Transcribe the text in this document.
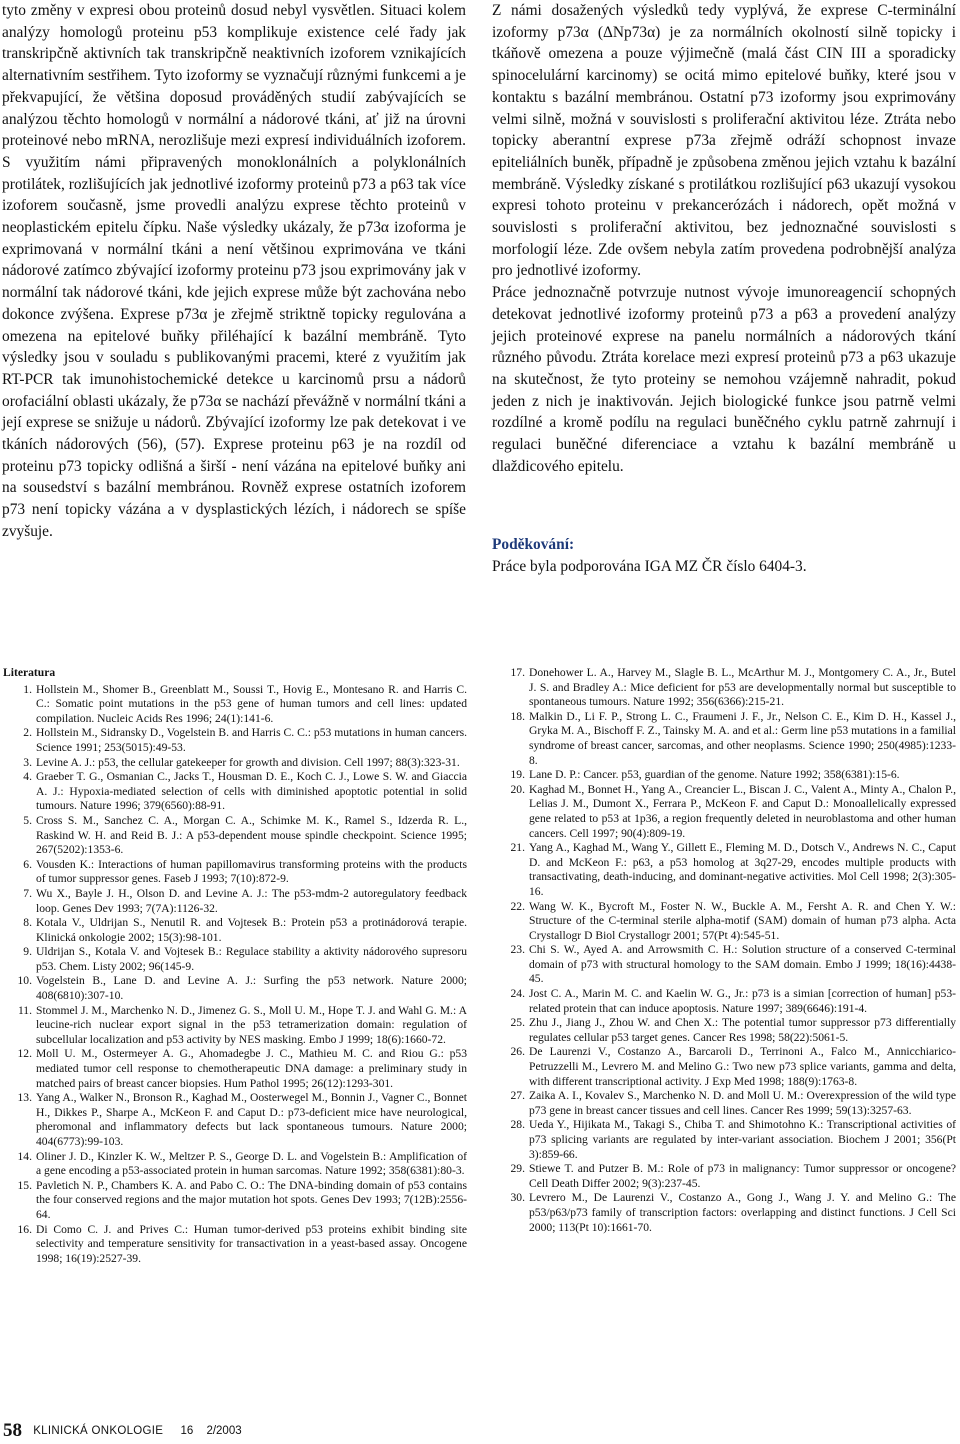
tyto změny v expresi obou proteinů dosud nebyl vysvětlen. Situaci kolem analýzy homologů proteinu p53 komplikuje existence celé řady jak transkripčně aktivních tak transkripčně neaktivních izoforem vznikajících alternativním sestřihem. Tyto izoformy se vyznačují různými funkcemi a je překvapující, že většina doposud prováděných studií zabývajících se analýzou těchto homologů v normální a nádorové tkáni, ať již na úrovni proteinové nebo mRNA, nerozlišuje mezi expresí individuálních izoforem. S využitím námi připravených monoklonálních a polyklonálních protilátek, rozlišujících jak jednotlivé izoformy proteinů p73 a p63 tak více izoforem současně, jsme provedli analýzu exprese těchto proteinů v neoplastickém epitelu čípku. Naše výsledky ukázaly, že p73α izoforma je exprimovaná v normální tkáni a není většinou exprimována ve tkáni nádorové zatímco zbývající izoformy proteinu p73 jsou exprimovány jak v normální tak nádorové tkáni, kde jejich exprese může být zachována nebo dokonce zvýšena. Exprese p73α je zřejmě striktně topicky regulována a omezena na epitelové buňky přiléhající k bazální membráně. Tyto výsledky jsou v souladu s publikovanými pracemi, které z využitím jak RT-PCR tak imunohistochemické detekce u karcinomů prsu a nádorů orofaciální oblasti ukázaly, že p73α se nachází převážně v normální tkáni a její exprese se snižuje u nádorů. Zbývající izoformy lze pak detekovat i ve tkáních nádorových (56), (57). Exprese proteinu p63 je na rozdíl od proteinu p73 topicky odlišná a širší - není vázána na epitelové buňky ani na sousedství s bazální membránou. Rovněž exprese ostatních izoforem p73 není topicky vázána a v dysplastických lézích, i nádorech se spíše zvyšuje.

Z námi dosažených výsledků tedy vyplývá, že exprese C-terminální izoformy p73α (ΔNp73α) je za normálních okolností silně topicky i tkáňově omezena a pouze výjimečně (malá část CIN III a sporadicky spinocelulární karcinomy) se ocitá mimo epitelové buňky, které jsou v kontaktu s bazální membránou. Ostatní p73 izoformy jsou exprimovány velmi silně, možná v souvislosti s proliferační aktivitou léze. Ztráta nebo topicky aberantní exprese p73a zřejmě odráží schopnost invaze epiteliálních buněk, případně je způsobena změnou jejich vztahu k bazální membráně. Výsledky získané s protilátkou rozlišující p63 ukazují vysokou expresi tohoto proteinu v prekancerózách i nádorech, opět možná v souvislosti s proliferační aktivitou, bez jednoznačné souvislosti s morfologií léze. Zde ovšem nebyla zatím provedena podrobnější analýza pro jednotlivé izoformy.

Práce jednoznačně potvrzuje nutnost vývoje imunoreagencií schopných detekovat jednotlivé izoformy proteinů p73 a p63 a provedení analýzy jejich proteinové exprese na panelu normálních a nádorových tkání různého původu. Ztráta korelace mezi expresí proteinů p73 a p63 ukazuje na skutečnost, že tyto proteiny se nemohou vzájemně nahradit, pokud jeden z nich je inaktivován. Jejich biologické funkce jsou patrně velmi rozdílné a kromě podílu na regulaci buněčného cyklu patrně zahrnují i regulaci buněčné diferenciace a vztahu k bazální membráně u dlaždicového epitelu.

Poděkování:
Práce byla podporována IGA MZ ČR číslo 6404-3.
Literatura
1. Hollstein M., Shomer B., Greenblatt M., Soussi T., Hovig E., Montesano R. and Harris C. C.: Somatic point mutations in the p53 gene of human tumors and cell lines: updated compilation. Nucleic Acids Res 1996; 24(1):141-6.
2. Hollstein M., Sidransky D., Vogelstein B. and Harris C. C.: p53 mutations in human cancers. Science 1991; 253(5015):49-53.
3. Levine A. J.: p53, the cellular gatekeeper for growth and division. Cell 1997; 88(3):323-31.
4. Graeber T. G., Osmanian C., Jacks T., Housman D. E., Koch C. J., Lowe S. W. and Giaccia A. J.: Hypoxia-mediated selection of cells with diminished apoptotic potential in solid tumours. Nature 1996; 379(6560):88-91.
5. Cross S. M., Sanchez C. A., Morgan C. A., Schimke M. K., Ramel S., Idzerda R. L., Raskind W. H. and Reid B. J.: A p53-dependent mouse spindle checkpoint. Science 1995; 267(5202):1353-6.
6. Vousden K.: Interactions of human papillomavirus transforming proteins with the products of tumor suppressor genes. Faseb J 1993; 7(10):872-9.
7. Wu X., Bayle J. H., Olson D. and Levine A. J.: The p53-mdm-2 autoregulatory feedback loop. Genes Dev 1993; 7(7A):1126-32.
8. Kotala V., Uldrijan S., Nenutil R. and Vojtesek B.: Protein p53 a protinádorová terapie. Klinická onkologie 2002; 15(3):98-101.
9. Uldrijan S., Kotala V. and Vojtesek B.: Regulace stability a aktivity nádorového supresoru p53. Chem. Listy 2002; 96(145-9.
10. Vogelstein B., Lane D. and Levine A. J.: Surfing the p53 network. Nature 2000; 408(6810):307-10.
11. Stommel J. M., Marchenko N. D., Jimenez G. S., Moll U. M., Hope T. J. and Wahl G. M.: A leucine-rich nuclear export signal in the p53 tetramerization domain: regulation of subcellular localization and p53 activity by NES masking. Embo J 1999; 18(6):1660-72.
12. Moll U. M., Ostermeyer A. G., Ahomadegbe J. C., Mathieu M. C. and Riou G.: p53 mediated tumor cell response to chemotherapeutic DNA damage: a preliminary study in matched pairs of breast cancer biopsies. Hum Pathol 1995; 26(12):1293-301.
13. Yang A., Walker N., Bronson R., Kaghad M., Oosterwegel M., Bonnin J., Vagner C., Bonnet H., Dikkes P., Sharpe A., McKeon F. and Caput D.: p73-deficient mice have neurological, pheromonal and inflammatory defects but lack spontaneous tumours. Nature 2000; 404(6773):99-103.
14. Oliner J. D., Kinzler K. W., Meltzer P. S., George D. L. and Vogelstein B.: Amplification of a gene encoding a p53-associated protein in human sarcomas. Nature 1992; 358(6381):80-3.
15. Pavletich N. P., Chambers K. A. and Pabo C. O.: The DNA-binding domain of p53 contains the four conserved regions and the major mutation hot spots. Genes Dev 1993; 7(12B):2556-64.
16. Di Como C. J. and Prives C.: Human tumor-derived p53 proteins exhibit binding site selectivity and temperature sensitivity for transactivation in a yeast-based assay. Oncogene 1998; 16(19):2527-39.
17. Donehower L. A., Harvey M., Slagle B. L., McArthur M. J., Montgomery C. A., Jr., Butel J. S. and Bradley A.: Mice deficient for p53 are developmentally normal but susceptible to spontaneous tumours. Nature 1992; 356(6366):215-21.
18. Malkin D., Li F. P., Strong L. C., Fraumeni J. F., Jr., Nelson C. E., Kim D. H., Kassel J., Gryka M. A., Bischoff F. Z., Tainsky M. A. and et al.: Germ line p53 mutations in a familial syndrome of breast cancer, sarcomas, and other neoplasms. Science 1990; 250(4985):1233-8.
19. Lane D. P.: Cancer. p53, guardian of the genome. Nature 1992; 358(6381):15-6.
20. Kaghad M., Bonnet H., Yang A., Creancier L., Biscan J. C., Valent A., Minty A., Chalon P., Lelias J. M., Dumont X., Ferrara P., McKeon F. and Caput D.: Monoallelically expressed gene related to p53 at 1p36, a region frequently deleted in neuroblastoma and other human cancers. Cell 1997; 90(4):809-19.
21. Yang A., Kaghad M., Wang Y., Gillett E., Fleming M. D., Dotsch V., Andrews N. C., Caput D. and McKeon F.: p63, a p53 homolog at 3q27-29, encodes multiple products with transactivating, death-inducing, and dominant-negative activities. Mol Cell 1998; 2(3):305-16.
22. Wang W. K., Bycroft M., Foster N. W., Buckle A. M., Fersht A. R. and Chen Y. W.: Structure of the C-terminal sterile alpha-motif (SAM) domain of human p73 alpha. Acta Crystallogr D Biol Crystallogr 2001; 57(Pt 4):545-51.
23. Chi S. W., Ayed A. and Arrowsmith C. H.: Solution structure of a conserved C-terminal domain of p73 with structural homology to the SAM domain. Embo J 1999; 18(16):4438-45.
24. Jost C. A., Marin M. C. and Kaelin W. G., Jr.: p73 is a simian [correction of human] p53-related protein that can induce apoptosis. Nature 1997; 389(6646):191-4.
25. Zhu J., Jiang J., Zhou W. and Chen X.: The potential tumor suppressor p73 differentially regulates cellular p53 target genes. Cancer Res 1998; 58(22):5061-5.
26. De Laurenzi V., Costanzo A., Barcaroli D., Terrinoni A., Falco M., Annicchiarico-Petruzzelli M., Levrero M. and Melino G.: Two new p73 splice variants, gamma and delta, with different transcriptional activity. J Exp Med 1998; 188(9):1763-8.
27. Zaika A. I., Kovalev S., Marchenko N. D. and Moll U. M.: Overexpression of the wild type p73 gene in breast cancer tissues and cell lines. Cancer Res 1999; 59(13):3257-63.
28. Ueda Y., Hijikata M., Takagi S., Chiba T. and Shimotohno K.: Transcriptional activities of p73 splicing variants are regulated by inter-variant association. Biochem J 2001; 356(Pt 3):859-66.
29. Stiewe T. and Putzer B. M.: Role of p73 in malignancy: Tumor suppressor or oncogene? Cell Death Differ 2002; 9(3):237-45.
30. Levrero M., De Laurenzi V., Costanzo A., Gong J., Wang J. Y. and Melino G.: The p53/p63/p73 family of transcription factors: overlapping and distinct functions. J Cell Sci 2000; 113(Pt 10):1661-70.
58 KLINICKÁ ONKOLOGIE 16 2/2003
